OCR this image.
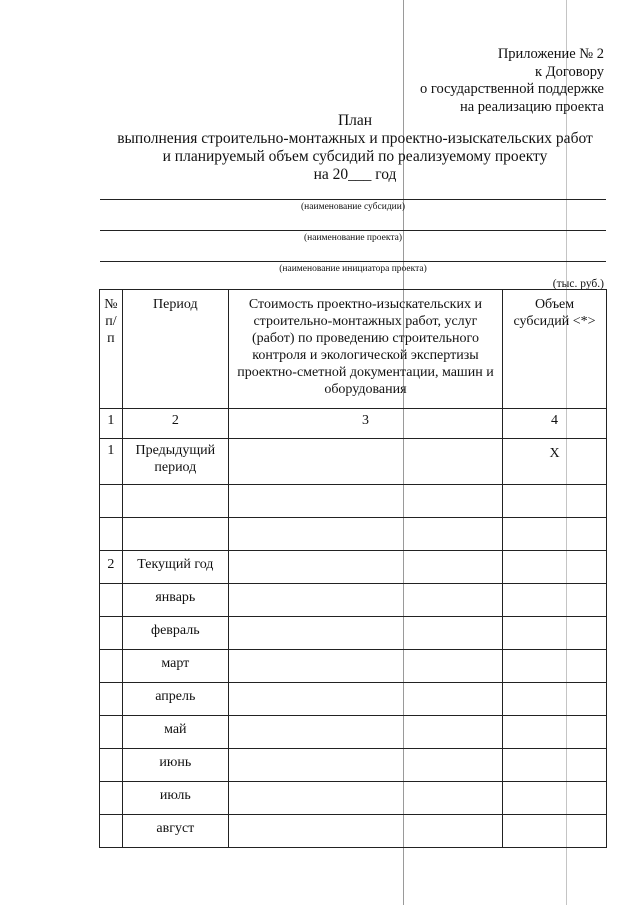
Приложение № 2
к Договору
о государственной поддержке
на реализацию проекта
План
выполнения строительно-монтажных и проектно-изыскательских работ
и планируемый объем субсидий по реализуемому проекту
на 20___ год
(наименование субсидии)
(наименование проекта)
(наименование инициатора проекта)
(тыс. руб.)
№ п/п	Период	Стоимость проектно-изыскательских и строительно-монтажных работ, услуг (работ) по проведению строительного контроля и экологической экспертизы проектно-сметной документации, машин и оборудования	Объем субсидий <*>
1	2	3	4
1	Предыдущий период		Х

2	Текущий год		
	январь		
	февраль		
	март		
	апрель		
	май		
	июнь		
	июль		
	август		
